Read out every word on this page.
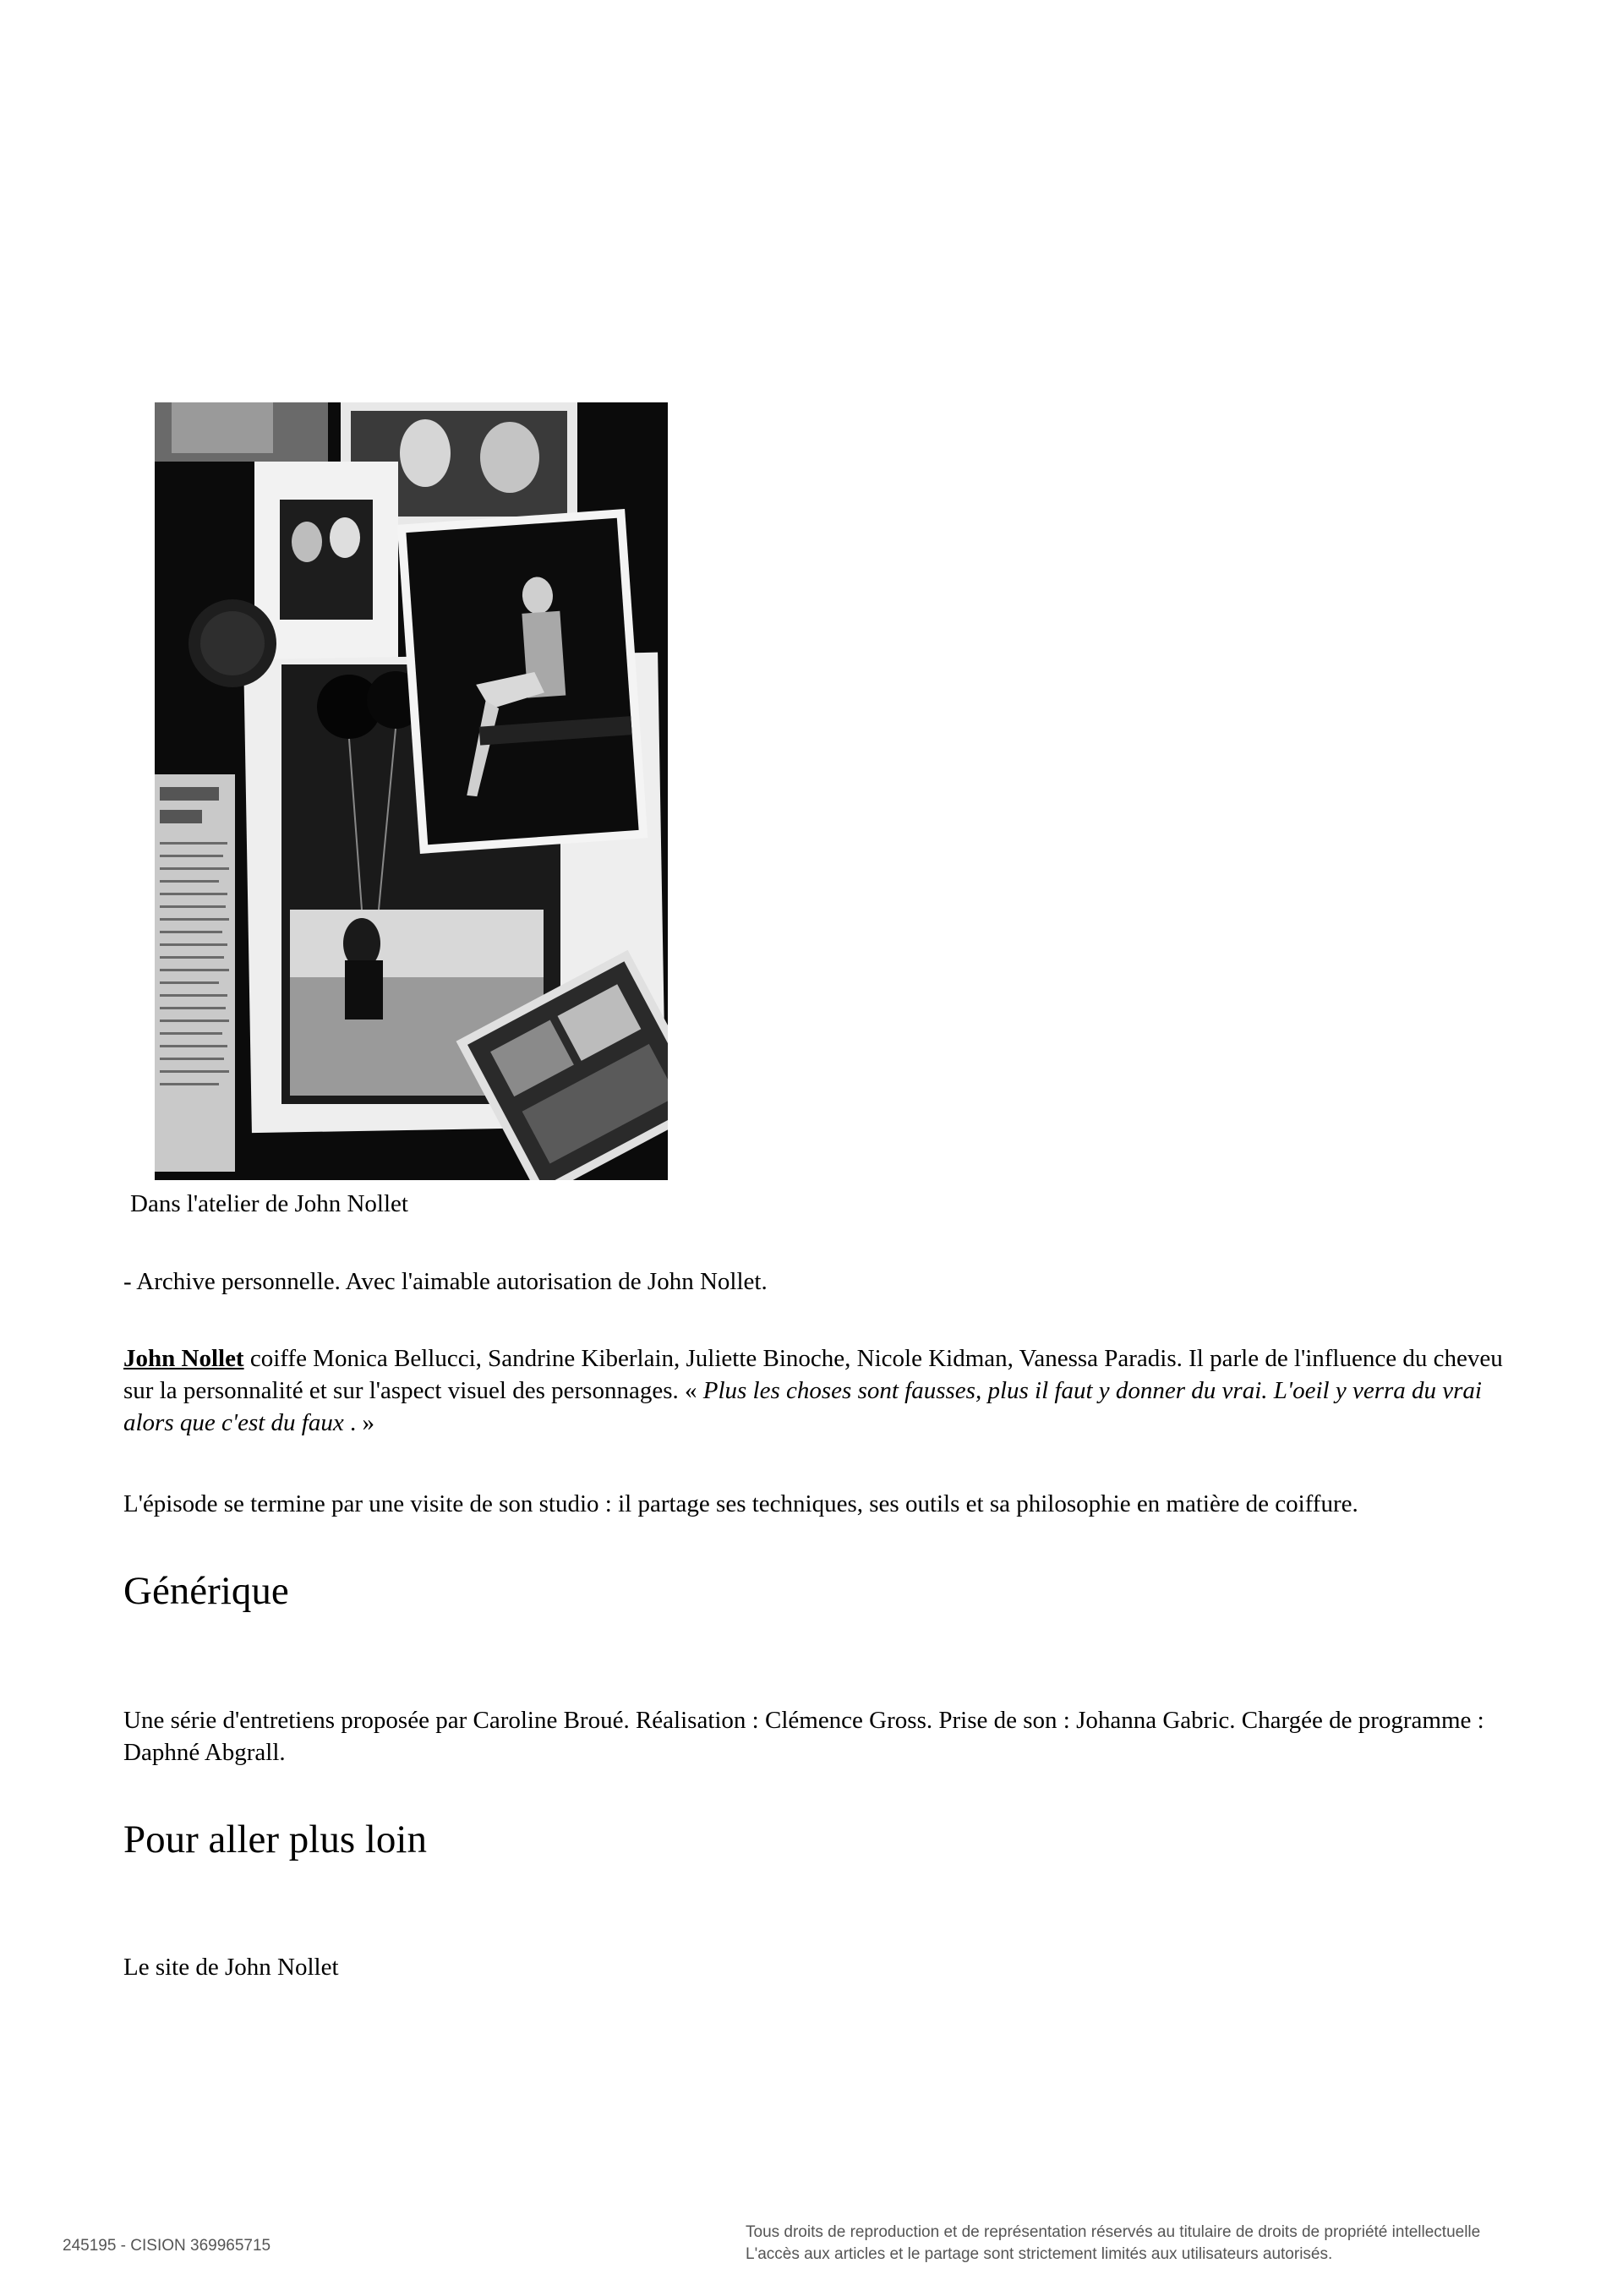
Dans l'atelier de John Nollet
- Archive personnelle. Avec l'aimable autorisation de John Nollet.
John Nollet coiffe Monica Bellucci, Sandrine Kiberlain, Juliette Binoche, Nicole Kidman, Vanessa Paradis. Il parle de l'influence du cheveu sur la personnalité et sur l'aspect visuel des personnages. « Plus les choses sont fausses, plus il faut y donner du vrai. L'oeil y verra du vrai alors que c'est du faux . »
L'épisode se termine par une visite de son studio : il partage ses techniques, ses outils et sa philosophie en matière de coiffure.
Générique
Une série d'entretiens proposée par Caroline Broué. Réalisation : Clémence Gross. Prise de son : Johanna Gabric. Chargée de programme : Daphné Abgrall.
Pour aller plus loin
Le site de John Nollet
245195 - CISION 369965715
Tous droits de reproduction et de représentation réservés au titulaire de droits de propriété intellectuelle
L'accès aux articles et le partage sont strictement limités aux utilisateurs autorisés.
